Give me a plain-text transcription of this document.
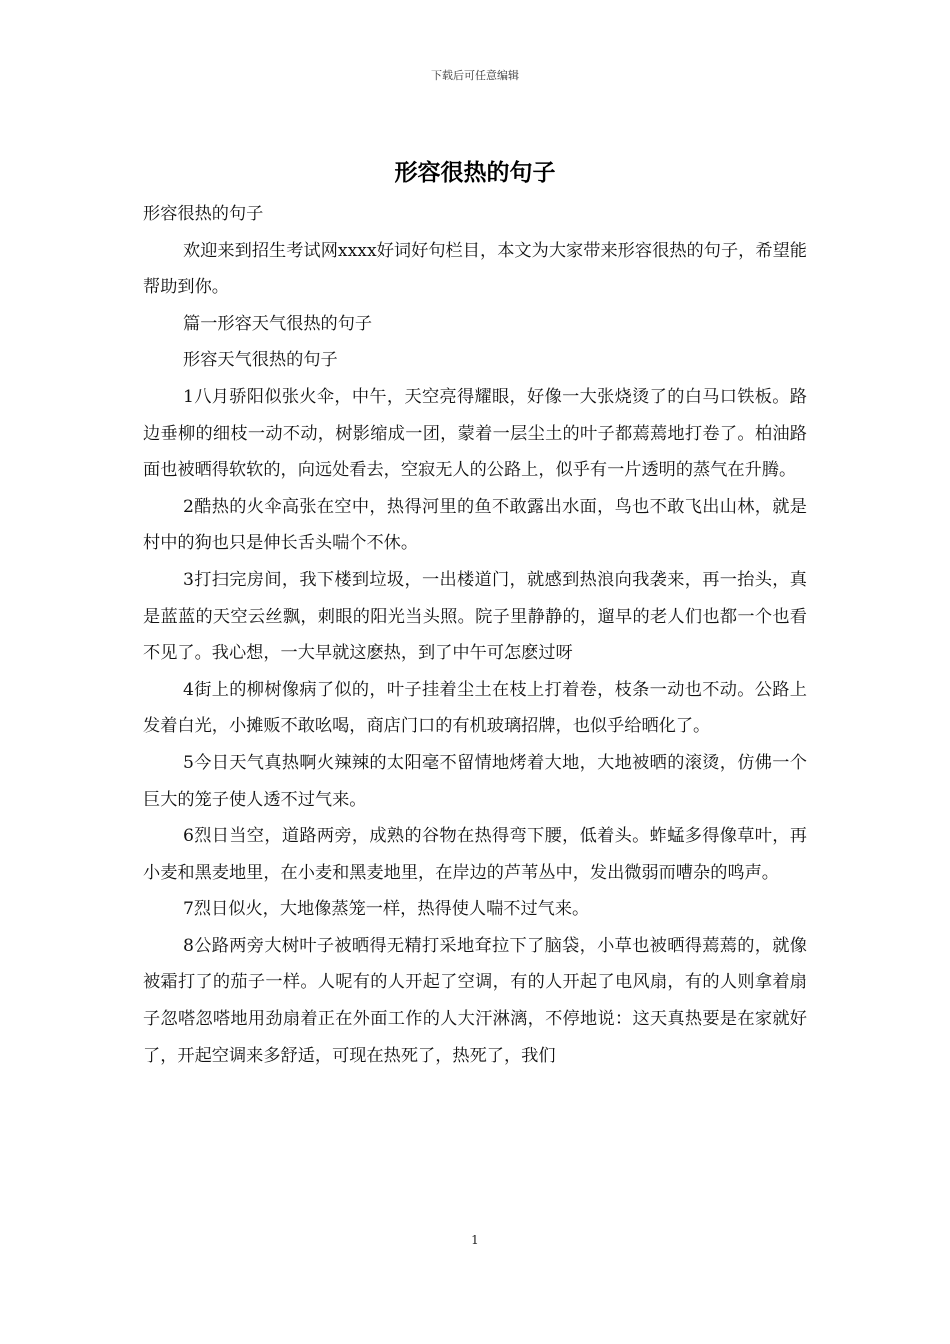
下载后可任意编辑
形容很热的句子

形容很热的句子

欢迎来到招生考试网xxxx好词好句栏目，本文为大家带来形容很热的句子，希望能帮助到你。

篇一形容天气很热的句子

形容天气很热的句子

1八月骄阳似张火伞，中午，天空亮得耀眼，好像一大张烧烫了的白马口铁板。路边垂柳的细枝一动不动，树影缩成一团，蒙着一层尘土的叶子都蔫蔫地打卷了。柏油路面也被晒得软软的，向远处看去，空寂无人的公路上，似乎有一片透明的蒸气在升腾。

2酷热的火伞高张在空中，热得河里的鱼不敢露出水面，鸟也不敢飞出山林，就是村中的狗也只是伸长舌头喘个不休。

3打扫完房间，我下楼到垃圾，一出楼道门，就感到热浪向我袭来，再一抬头，真是蓝蓝的天空云丝飘，刺眼的阳光当头照。院子里静静的，遛早的老人们也都一个也看不见了。我心想，一大早就这麽热，到了中午可怎麽过呀

4街上的柳树像病了似的，叶子挂着尘土在枝上打着卷，枝条一动也不动。公路上发着白光，小摊贩不敢吆喝，商店门口的有机玻璃招牌，也似乎给晒化了。

5今日天气真热啊火辣辣的太阳毫不留情地烤着大地，大地被晒的滚烫，仿佛一个巨大的笼子使人透不过气来。

6烈日当空，道路两旁，成熟的谷物在热得弯下腰，低着头。蚱蜢多得像草叶，再小麦和黑麦地里，在小麦和黑麦地里，在岸边的芦苇丛中，发出微弱而嘈杂的鸣声。

7烈日似火，大地像蒸笼一样，热得使人喘不过气来。

8公路两旁大树叶子被晒得无精打采地耷拉下了脑袋，小草也被晒得蔫蔫的，就像被霜打了的茄子一样。人呢有的人开起了空调，有的人开起了电风扇，有的人则拿着扇子忽嗒忽嗒地用劲扇着正在外面工作的人大汗淋漓，不停地说：这天真热要是在家就好了，开起空调来多舒适，可现在热死了，热死了，我们

1
